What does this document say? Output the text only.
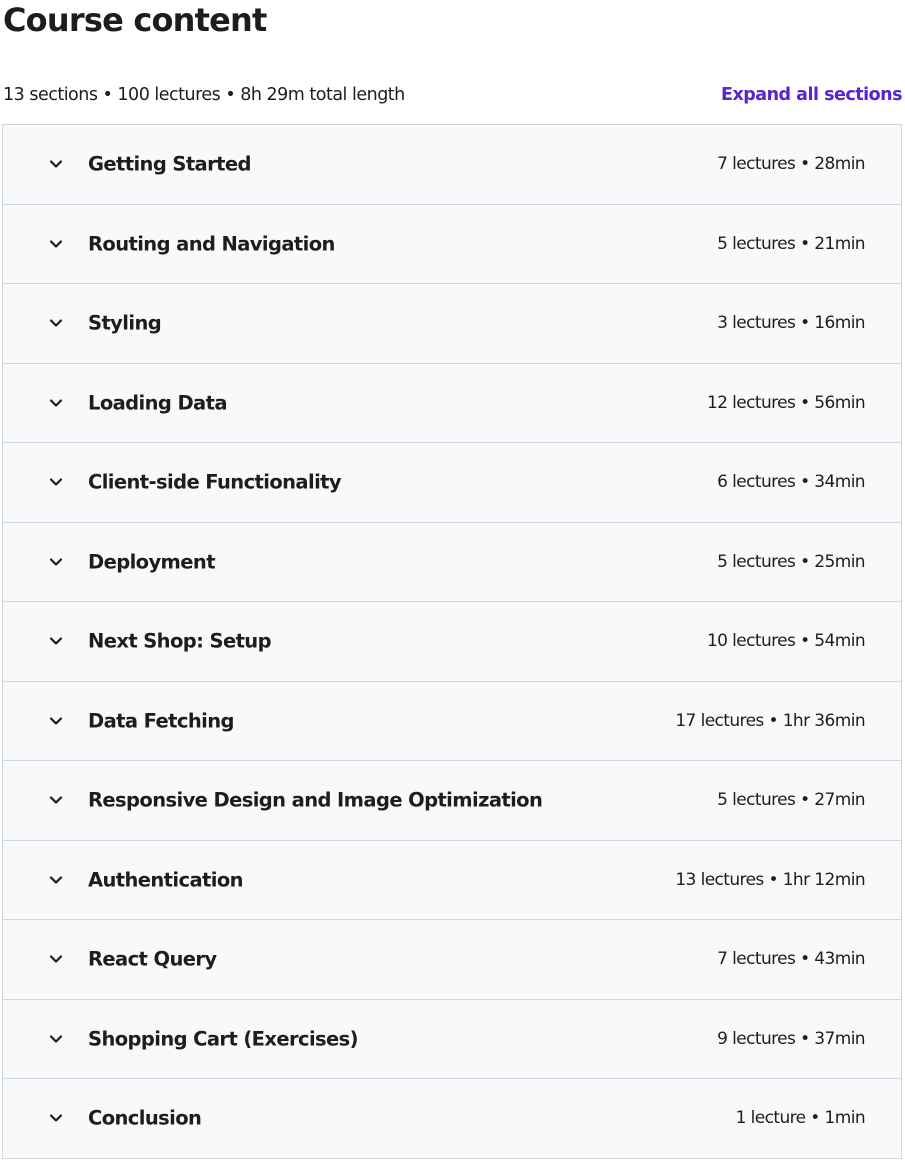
Course content
13 sections • 100 lectures • 8h 29m total length	Expand all sections
Getting Started	7 lectures • 28min
Routing and Navigation	5 lectures • 21min
Styling	3 lectures • 16min
Loading Data	12 lectures • 56min
Client-side Functionality	6 lectures • 34min
Deployment	5 lectures • 25min
Next Shop: Setup	10 lectures • 54min
Data Fetching	17 lectures • 1hr 36min
Responsive Design and Image Optimization	5 lectures • 27min
Authentication	13 lectures • 1hr 12min
React Query	7 lectures • 43min
Shopping Cart (Exercises)	9 lectures • 37min
Conclusion	1 lecture • 1min
